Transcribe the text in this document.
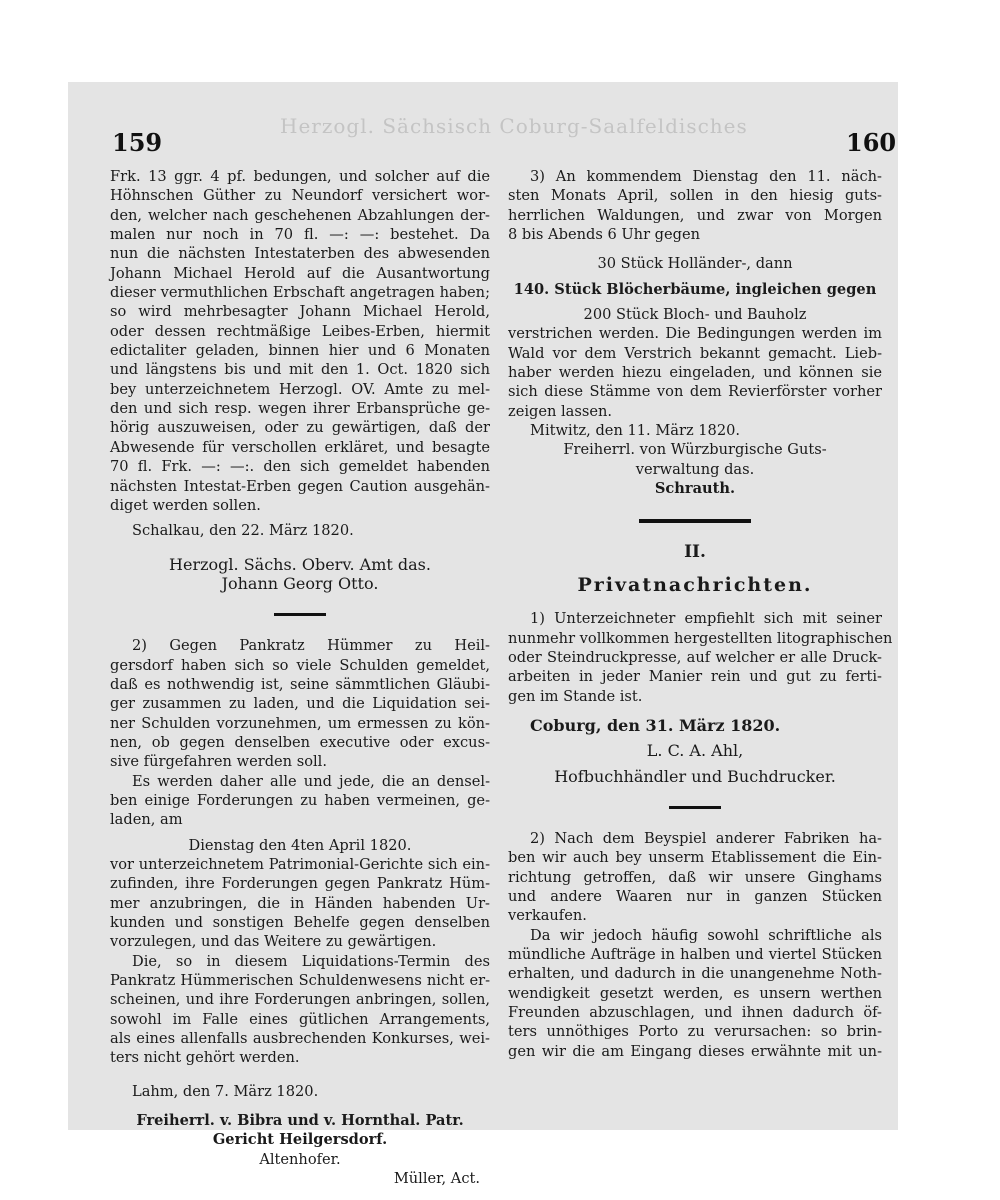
Herzogl. Sächsisch Coburg-Saalfeldisches
159	160
Frk. 13 ggr. 4 pf. bedungen, und solcher auf die
Höhnschen Güther zu Neundorf versichert wor-
den, welcher nach geschehenen Abzahlungen der-
malen nur noch in 70 fl. —: —: bestehet. Da
nun die nächsten Intestaterben des abwesenden
Johann Michael Herold auf die Ausantwortung
dieser vermuthlichen Erbschaft angetragen haben;
so wird mehrbesagter Johann Michael Herold,
oder dessen rechtmäßige Leibes-Erben, hiermit
edictaliter geladen, binnen hier und 6 Monaten
und längstens bis und mit den 1. Oct. 1820 sich
bey unterzeichnetem Herzogl. OV. Amte zu mel-
den und sich resp. wegen ihrer Erbansprüche ge-
hörig auszuweisen, oder zu gewärtigen, daß der
Abwesende für verschollen erkläret, und besagte
70 fl. Frk. —: —:. den sich gemeldet habenden
nächsten Intestat-Erben gegen Caution ausgehän-
diget werden sollen.
Schalkau, den 22. März 1820.
Herzogl. Sächs. Oberv. Amt das.
Johann Georg Otto.
2) Gegen Pankratz Hümmer zu Heil-
gersdorf haben sich so viele Schulden gemeldet,
daß es nothwendig ist, seine sämmtlichen Gläubi-
ger zusammen zu laden, und die Liquidation sei-
ner Schulden vorzunehmen, um ermessen zu kön-
nen, ob gegen denselben executive oder excus-
sive fürgefahren werden soll.
Es werden daher alle und jede, die an densel-
ben einige Forderungen zu haben vermeinen, ge-
laden, am
Dienstag den 4ten April 1820.
vor unterzeichnetem Patrimonial-Gerichte sich ein-
zufinden, ihre Forderungen gegen Pankratz Hüm-
mer anzubringen, die in Händen habenden Ur-
kunden und sonstigen Behelfe gegen denselben
vorzulegen, und das Weitere zu gewärtigen.
Die, so in diesem Liquidations-Termin des
Pankratz Hümmerischen Schuldenwesens nicht er-
scheinen, und ihre Forderungen anbringen, sollen,
sowohl im Falle eines gütlichen Arrangements,
als eines allenfalls ausbrechenden Konkurses, wei-
ters nicht gehört werden.
Lahm, den 7. März 1820.
Freiherrl. v. Bibra und v. Hornthal. Patr.
Gericht Heilgersdorf.
Altenhofer.
Müller, Act.
3) An kommendem Dienstag den 11. näch-
sten Monats April, sollen in den hiesig guts-
herrlichen Waldungen, und zwar von Morgen
8 bis Abends 6 Uhr gegen
30 Stück Holländer-, dann
140. Stück Blöcherbäume, ingleichen gegen
200 Stück Bloch- und Bauholz
verstrichen werden. Die Bedingungen werden im
Wald vor dem Verstrich bekannt gemacht. Lieb-
haber werden hiezu eingeladen, und können sie
sich diese Stämme von dem Revierförster vorher
zeigen lassen.
Mitwitz, den 11. März 1820.
Freiherrl. von Würzburgische Guts-
verwaltung das.
Schrauth.
II.
Privatnachrichten.
1) Unterzeichneter empfiehlt sich mit seiner
nunmehr vollkommen hergestellten litographischen
oder Steindruckpresse, auf welcher er alle Druck-
arbeiten in jeder Manier rein und gut zu ferti-
gen im Stande ist.
Coburg, den 31. März 1820.
L. C. A. Ahl,
Hofbuchhändler und Buchdrucker.
2) Nach dem Beyspiel anderer Fabriken ha-
ben wir auch bey unserm Etablissement die Ein-
richtung getroffen, daß wir unsere Ginghams
und andere Waaren nur in ganzen Stücken
verkaufen.
Da wir jedoch häufig sowohl schriftliche als
mündliche Aufträge in halben und viertel Stücken
erhalten, und dadurch in die unangenehme Noth-
wendigkeit gesetzt werden, es unsern werthen
Freunden abzuschlagen, und ihnen dadurch öf-
ters unnöthiges Porto zu verursachen: so brin-
gen wir die am Eingang dieses erwähnte mit un-
